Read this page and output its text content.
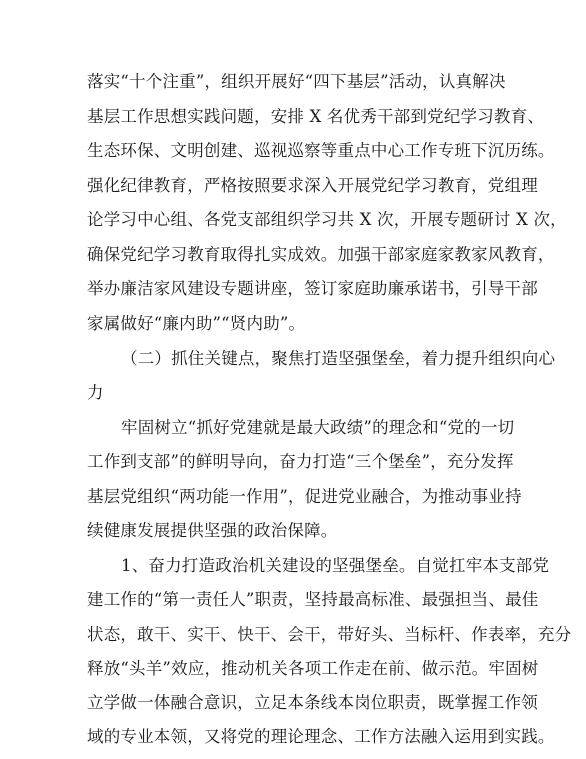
落实“十个注重”，组织开展好“四下基层”活动，认真解决
基层工作思想实践问题，安排 X 名优秀干部到党纪学习教育、
生态环保、文明创建、巡视巡察等重点中心工作专班下沉历练。
强化纪律教育，严格按照要求深入开展党纪学习教育，党组理
论学习中心组、各党支部组织学习共 X 次，开展专题研讨 X 次，
确保党纪学习教育取得扎实成效。加强干部家庭家教家风教育，
举办廉洁家风建设专题讲座，签订家庭助廉承诺书，引导干部
家属做好“廉内助”“贤内助”。
（二）抓住关键点，聚焦打造坚强堡垒，着力提升组织向心
力
牢固树立“抓好党建就是最大政绩”的理念和“党的一切
工作到支部”的鲜明导向，奋力打造“三个堡垒”，充分发挥
基层党组织“两功能一作用”，促进党业融合，为推动事业持
续健康发展提供坚强的政治保障。
1、奋力打造政治机关建设的坚强堡垒。自觉扛牢本支部党
建工作的“第一责任人”职责，坚持最高标准、最强担当、最佳
状态，敢干、实干、快干、会干，带好头、当标杆、作表率，充分
释放“头羊”效应，推动机关各项工作走在前、做示范。牢固树
立学做一体融合意识，立足本条线本岗位职责，既掌握工作领
域的专业本领，又将党的理论理念、工作方法融入运用到实践。
